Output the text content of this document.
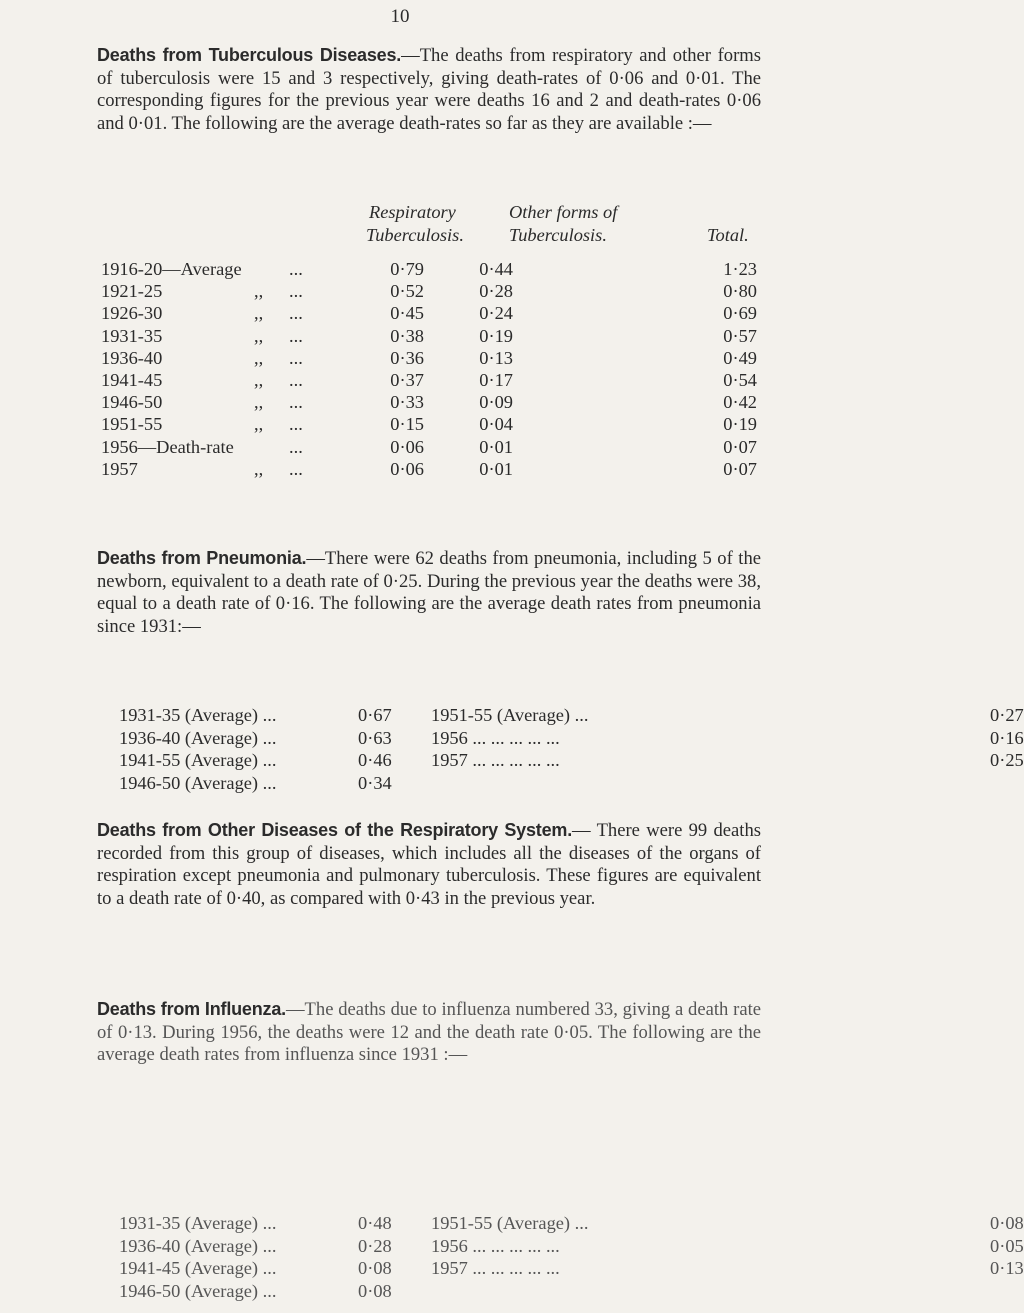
10

Deaths from Tuberculous Diseases.—The deaths from respiratory and other forms of tuberculosis were 15 and 3 respectively, giving death-rates of 0·06 and 0·01. The corresponding figures for the previous year were deaths 16 and 2 and death-rates 0·06 and 0·01. The following are the average death-rates so far as they are available :—

Respiratory
Tuberculosis.
Other forms of
Tuberculosis.	Total.
1916-20—Average	...	0·79	0·44	1·23
1921-25	,, ...	0·52	0·28	0·80
1926-30	,, ...	0·45	0·24	0·69
1931-35	,, ...	0·38	0·19	0·57
1936-40	,, ...	0·36	0·13	0·49
1941-45	,, ...	0·37	0·17	0·54
1946-50	,, ...	0·33	0·09	0·42
1951-55	,, ...	0·15	0·04	0·19
1956—Death-rate	...	0·06	0·01	0·07
1957	,, ...	0·06	0·01	0·07

Deaths from Pneumonia.—There were 62 deaths from pneumonia, including 5 of the newborn, equivalent to a death rate of 0·25. During the previous year the deaths were 38, equal to a death rate of 0·16. The following are the average death rates from pneumonia since 1931:—

1931-35 (Average) ...	0·67
1936-40 (Average) ...	0·63
1941-55 (Average) ...	0·46
1946-50 (Average) ...	0·34
1951-55 (Average) ...	0·27
1956 ... ... ... ... ...	0·16
1957 ... ... ... ... ...	0·25

Deaths from Other Diseases of the Respiratory System.— There were 99 deaths recorded from this group of diseases, which includes all the diseases of the organs of respiration except pneumonia and pulmonary tuberculosis. These figures are equivalent to a death rate of 0·40, as compared with 0·43 in the previous year.

Deaths from Influenza.—The deaths due to influenza numbered 33, giving a death rate of 0·13. During 1956, the deaths were 12 and the death rate 0·05. The following are the average death rates from influenza since 1931 :—

1931-35 (Average) ...	0·48
1936-40 (Average) ...	0·28
1941-45 (Average) ...	0·08
1946-50 (Average) ...	0·08
1951-55 (Average) ...	0·08
1956 ... ... ... ... ...	0·05
1957 ... ... ... ... ...	0·13
